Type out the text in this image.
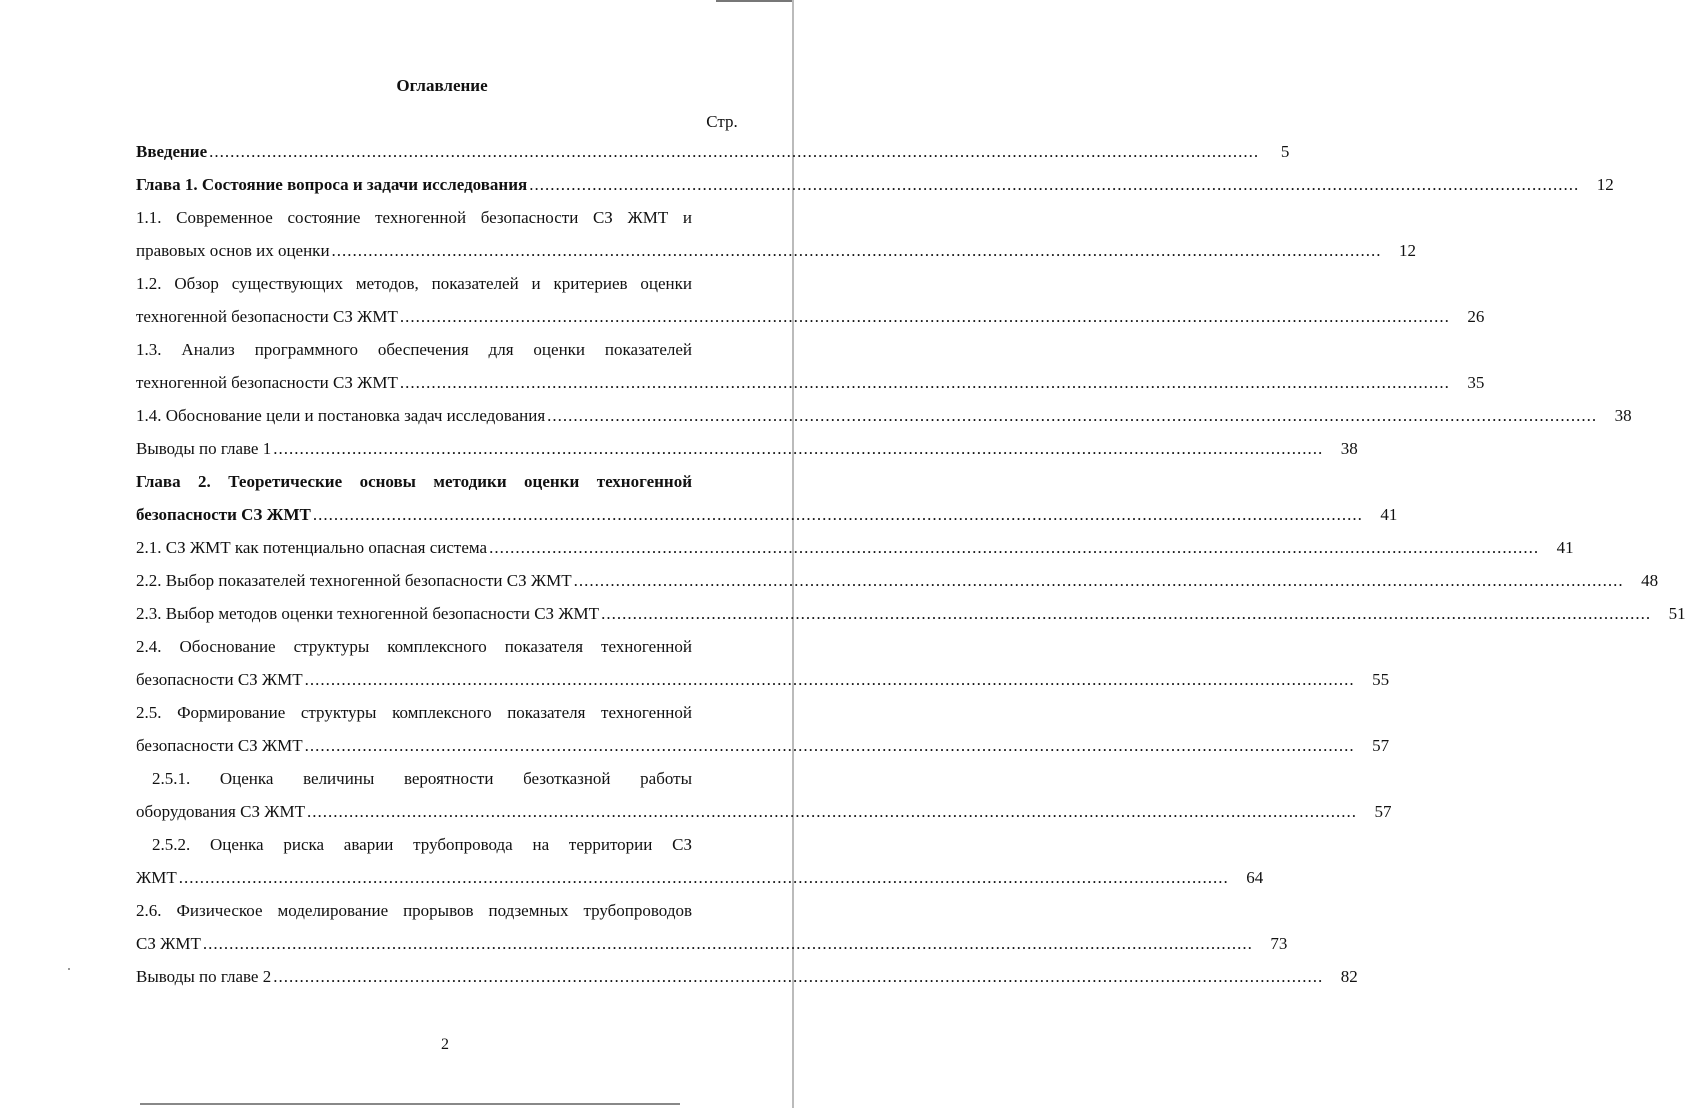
Оглавление
Стр.
Введение ........................................................................................................................................................................................................	5
Глава 1. Состояние вопроса и задачи исследования ........................................................................................................................................................................................................	12
1.1. Современное состояние техногенной безопасности СЗ ЖМТ и
правовых основ их оценки ........................................................................................................................................................................................................	12
1.2. Обзор существующих методов, показателей и критериев оценки
техногенной безопасности СЗ ЖМТ ........................................................................................................................................................................................................	26
1.3. Анализ программного обеспечения для оценки показателей
техногенной безопасности СЗ ЖМТ ........................................................................................................................................................................................................	35
1.4. Обоснование цели и постановка задач исследования ........................................................................................................................................................................................................	38
Выводы по главе 1 ........................................................................................................................................................................................................	38
Глава 2. Теоретические основы методики оценки техногенной
безопасности СЗ ЖМТ ........................................................................................................................................................................................................	41
2.1. СЗ ЖМТ как потенциально опасная система ........................................................................................................................................................................................................	41
2.2. Выбор показателей техногенной безопасности СЗ ЖМТ ........................................................................................................................................................................................................	48
2.3. Выбор методов оценки техногенной безопасности СЗ ЖМТ ........................................................................................................................................................................................................	51
2.4. Обоснование структуры комплексного показателя техногенной
безопасности СЗ ЖМТ ........................................................................................................................................................................................................	55
2.5. Формирование структуры комплексного показателя техногенной
безопасности СЗ ЖМТ ........................................................................................................................................................................................................	57
2.5.1. Оценка величины вероятности безотказной работы
оборудования СЗ ЖМТ ........................................................................................................................................................................................................	57
2.5.2. Оценка риска аварии трубопровода на территории СЗ
ЖМТ ........................................................................................................................................................................................................	64
2.6. Физическое моделирование прорывов подземных трубопроводов
СЗ ЖМТ ........................................................................................................................................................................................................	73
Выводы по главе 2 ........................................................................................................................................................................................................	82
2
